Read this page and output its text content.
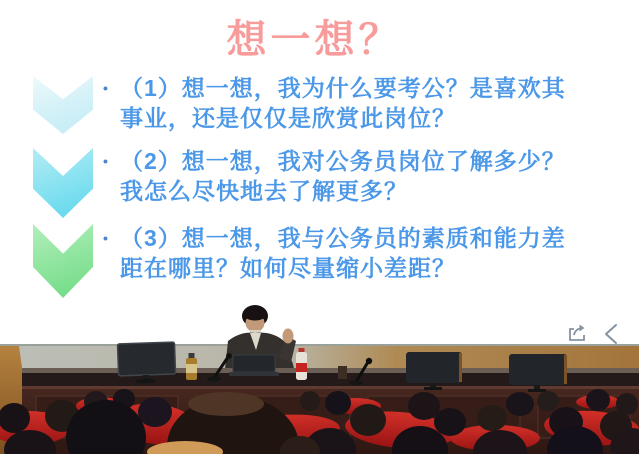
想一想？
• （1）想一想，我为什么要考公？是喜欢其
事业，还是仅仅是欣赏此岗位？
• （2）想一想，我对公务员岗位了解多少？
我怎么尽快地去了解更多？
• （3）想一想，我与公务员的素质和能力差
距在哪里？如何尽量缩小差距？
